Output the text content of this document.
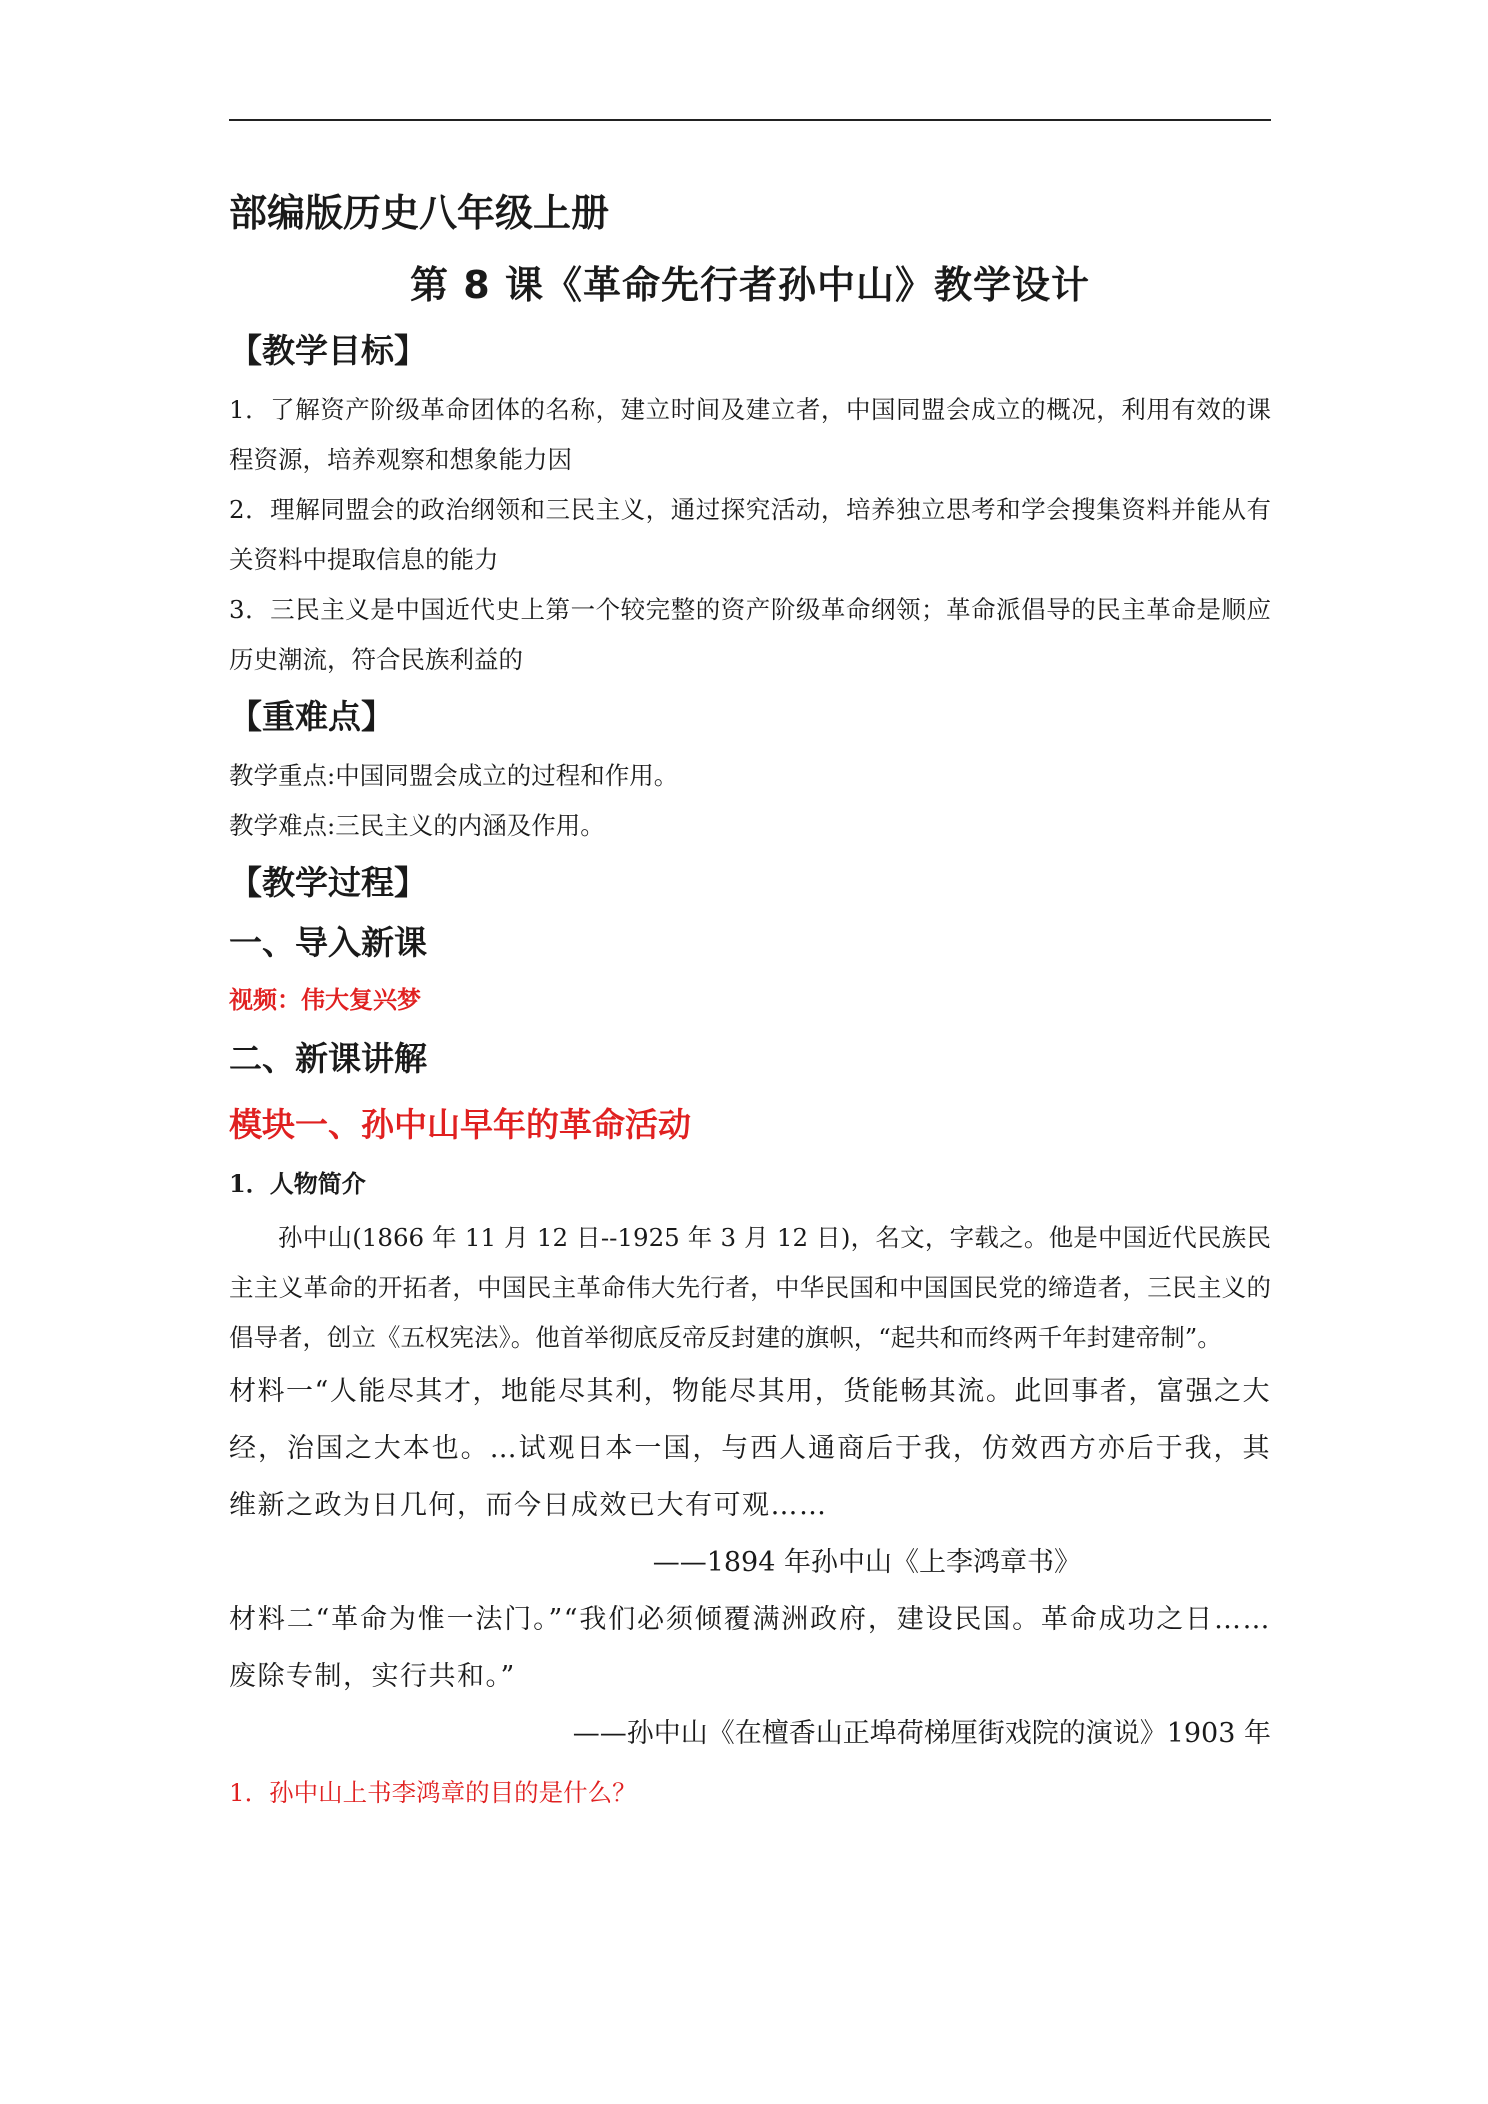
部编版历史八年级上册
第 8 课《革命先行者孙中山》教学设计
【教学目标】

1．了解资产阶级革命团体的名称，建立时间及建立者，中国同盟会成立的概况，利用有效的课程资源，培养观察和想象能力因

2．理解同盟会的政治纲领和三民主义，通过探究活动，培养独立思考和学会搜集资料并能从有关资料中提取信息的能力

3．三民主义是中国近代史上第一个较完整的资产阶级革命纲领；革命派倡导的民主革命是顺应历史潮流，符合民族利益的

【重难点】

教学重点:中国同盟会成立的过程和作用。

教学难点:三民主义的内涵及作用。

【教学过程】
一、导入新课
视频：伟大复兴梦
二、新课讲解
模块一、孙中山早年的革命活动
1．人物简介

孙中山(1866 年 11 月 12 日--1925 年 3 月 12 日)，名文，字载之。他是中国近代民族民主主义革命的开拓者，中国民主革命伟大先行者，中华民国和中国国民党的缔造者，三民主义的倡导者，创立《五权宪法》。他首举彻底反帝反封建的旗帜，“起共和而终两千年封建帝制”。

材料一“人能尽其才，地能尽其利，物能尽其用，货能畅其流。此回事者，富强之大经，治国之大本也。…试观日本一国，与西人通商后于我，仿效西方亦后于我，其维新之政为日几何，而今日成效已大有可观……

——1894 年孙中山《上李鸿章书》

材料二“革命为惟一法门。”“我们必须倾覆满洲政府，建设民国。革命成功之日……废除专制，实行共和。”

——孙中山《在檀香山正埠荷梯厘街戏院的演说》1903 年

1．孙中山上书李鸿章的目的是什么？
